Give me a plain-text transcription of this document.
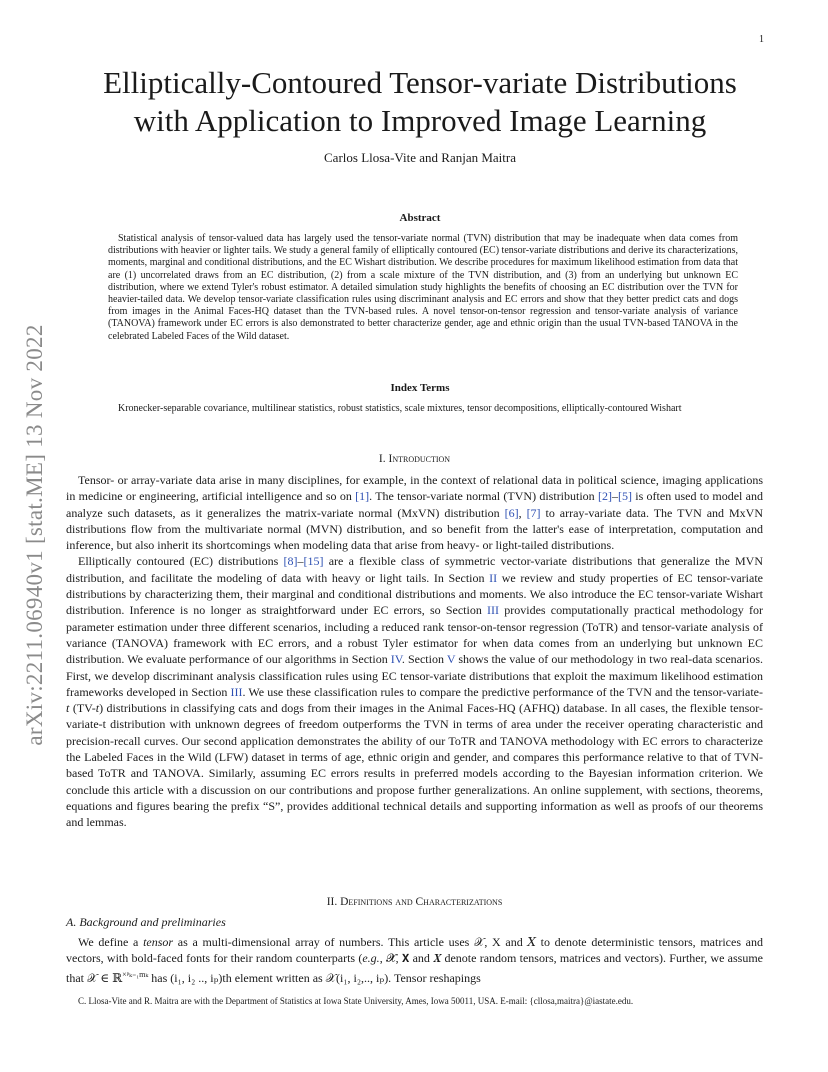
1
arXiv:2211.06940v1 [stat.ME] 13 Nov 2022
Elliptically-Contoured Tensor-variate Distributions
with Application to Improved Image Learning
Carlos Llosa-Vite and Ranjan Maitra
Abstract
Statistical analysis of tensor-valued data has largely used the tensor-variate normal (TVN) distribution that may be inadequate when data comes from distributions with heavier or lighter tails. We study a general family of elliptically contoured (EC) tensor-variate distributions and derive its characterizations, moments, marginal and conditional distributions, and the EC Wishart distribution. We describe procedures for maximum likelihood estimation from data that are (1) uncorrelated draws from an EC distribution, (2) from a scale mixture of the TVN distribution, and (3) from an underlying but unknown EC distribution, where we extend Tyler's robust estimator. A detailed simulation study highlights the benefits of choosing an EC distribution over the TVN for heavier-tailed data. We develop tensor-variate classification rules using discriminant analysis and EC errors and show that they better predict cats and dogs from images in the Animal Faces-HQ dataset than the TVN-based rules. A novel tensor-on-tensor regression and tensor-variate analysis of variance (TANOVA) framework under EC errors is also demonstrated to better characterize gender, age and ethnic origin than the usual TVN-based TANOVA in the celebrated Labeled Faces of the Wild dataset.
Index Terms
Kronecker-separable covariance, multilinear statistics, robust statistics, scale mixtures, tensor decompositions, elliptically-contoured Wishart
I. Introduction

Tensor- or array-variate data arise in many disciplines, for example, in the context of relational data in political science, imaging applications in medicine or engineering, artificial intelligence and so on [1]. The tensor-variate normal (TVN) distribution [2]–[5] is often used to model and analyze such datasets, as it generalizes the matrix-variate normal (MxVN) distribution [6], [7] to array-variate data. The TVN and MxVN distributions flow from the multivariate normal (MVN) distribution, and so benefit from the latter's ease of interpretation, computation and inference, but also inherit its shortcomings when modeling data that arise from heavy- or light-tailed distributions.

Elliptically contoured (EC) distributions [8]–[15] are a flexible class of symmetric vector-variate distributions that generalize the MVN distribution, and facilitate the modeling of data with heavy or light tails. In Section II we review and study properties of EC tensor-variate distributions by characterizing them, their marginal and conditional distributions and moments. We also introduce the EC tensor-variate Wishart distribution. Inference is no longer as straightforward under EC errors, so Section III provides computationally practical methodology for parameter estimation under three different scenarios, including a reduced rank tensor-on-tensor regression (ToTR) and tensor-variate analysis of variance (TANOVA) framework with EC errors, and a robust Tyler estimator for when data comes from an underlying but unknown EC distribution. We evaluate performance of our algorithms in Section IV. Section V shows the value of our methodology in two real-data scenarios. First, we develop discriminant analysis classification rules using EC tensor-variate distributions that exploit the maximum likelihood estimation frameworks developed in Section III. We use these classification rules to compare the predictive performance of the TVN and the tensor-variate-t (TV-t) distributions in classifying cats and dogs from their images in the Animal Faces-HQ (AFHQ) database. In all cases, the flexible tensor-variate-t distribution with unknown degrees of freedom outperforms the TVN in terms of area under the receiver operating characteristic and precision-recall curves. Our second application demonstrates the ability of our ToTR and TANOVA methodology with EC errors to characterize the Labeled Faces in the Wild (LFW) dataset in terms of age, ethnic origin and gender, and compares this performance relative to that of TVN-based ToTR and TANOVA. Similarly, assuming EC errors results in preferred models according to the Bayesian information criterion. We conclude this article with a discussion on our contributions and propose further generalizations. An online supplement, with sections, theorems, equations and figures bearing the prefix “S”, provides additional technical details and supporting information as well as proofs of our theorems and lemmas.

II. Definitions and Characterizations
A. Background and preliminaries

We define a tensor as a multi-dimensional array of numbers. This article uses 𝒳, X and 𝑋 to denote deterministic tensors, matrices and vectors, with bold-faced fonts for their random counterparts (e.g., 𝓧, 𝗫 and 𝑿 denote random tensors, matrices and vectors). Further, we assume that 𝒳 ∈ ℝ$^{\times ᵖ_{k=1}m_k}$ has (i₁, i₂ .., iₚ)th element written as 𝒳(i₁, i₂,.., iₚ). Tensor reshapings

C. Llosa-Vite and R. Maitra are with the Department of Statistics at Iowa State University, Ames, Iowa 50011, USA. E-mail: {cllosa,maitra}@iastate.edu.
